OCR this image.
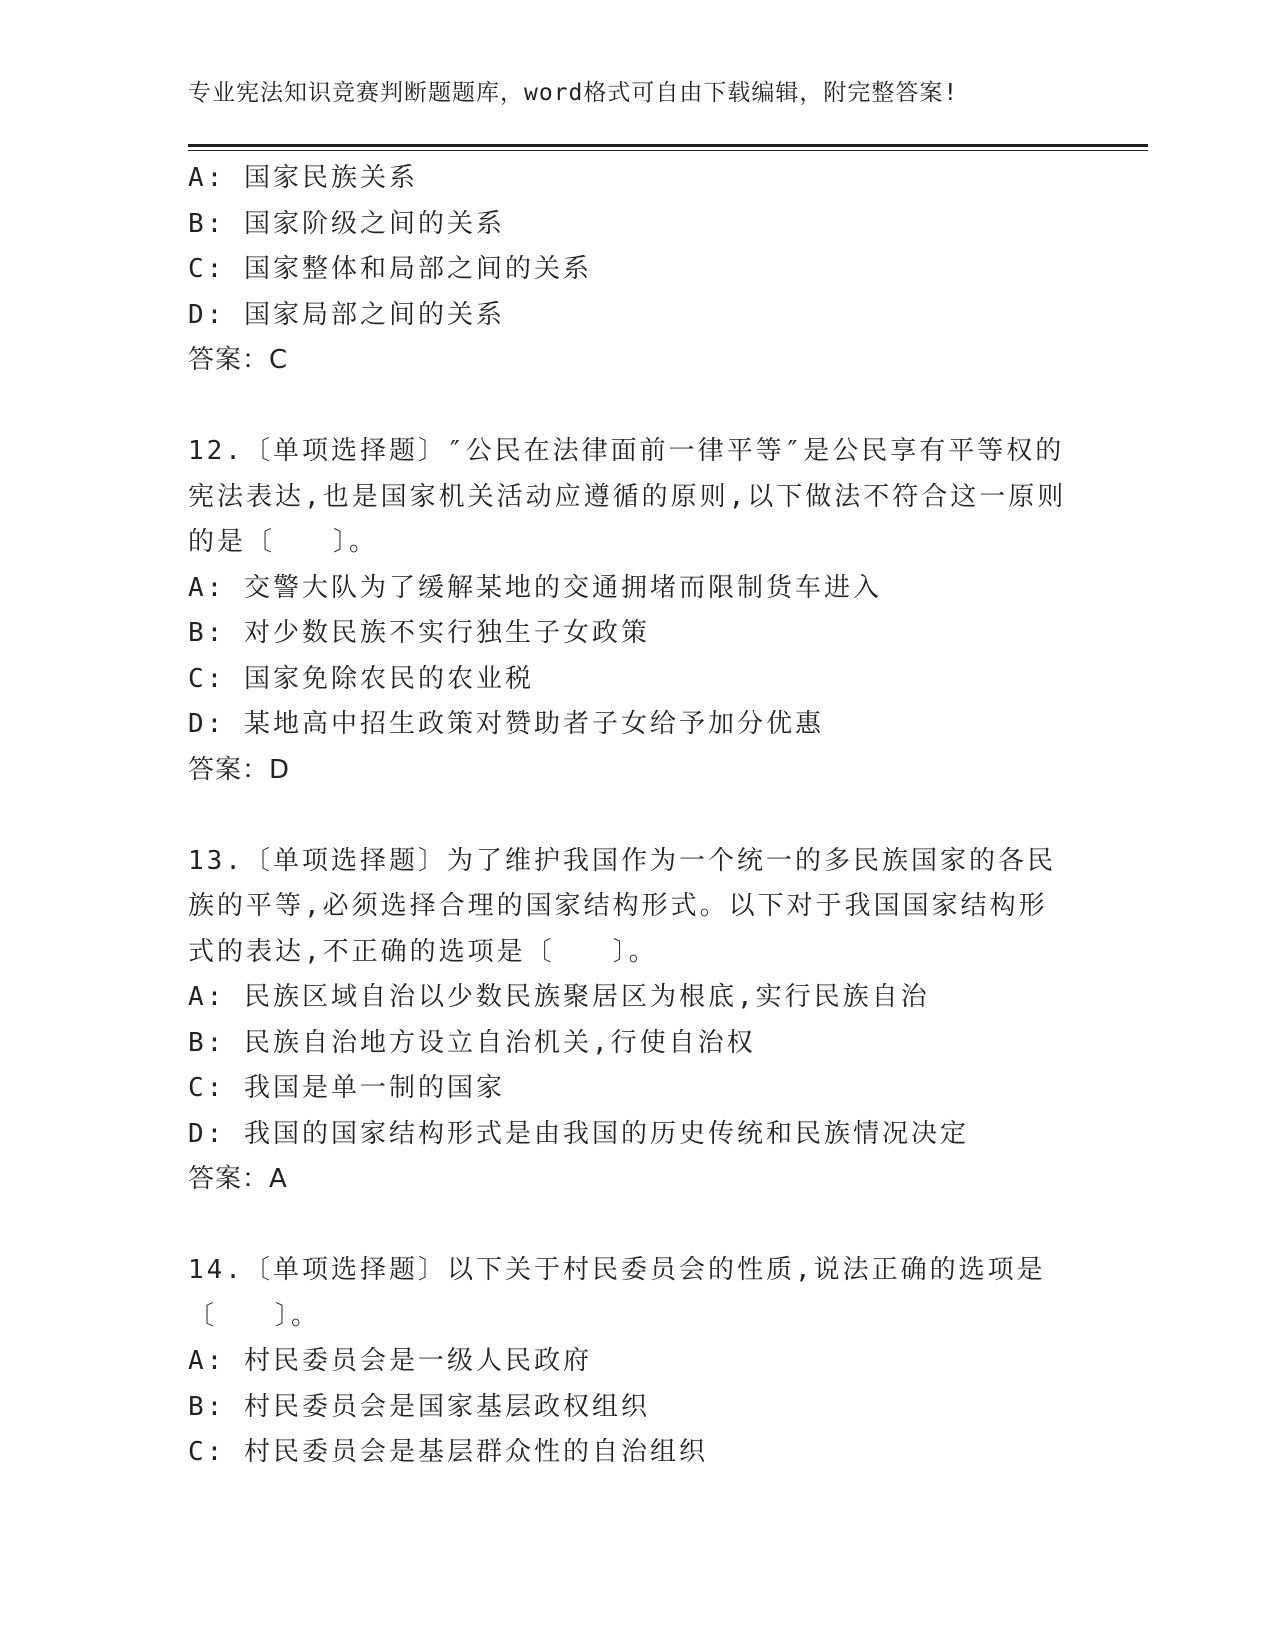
专业宪法知识竞赛判断题题库，word格式可自由下载编辑，附完整答案!
A: 国家民族关系
B: 国家阶级之间的关系
C: 国家整体和局部之间的关系
D: 国家局部之间的关系
答案：C
12.〔单项选择题〕″公民在法律面前一律平等″是公民享有平等权的宪法表达,也是国家机关活动应遵循的原则,以下做法不符合这一原则的是〔　　〕。
A: 交警大队为了缓解某地的交通拥堵而限制货车进入
B: 对少数民族不实行独生子女政策
C: 国家免除农民的农业税
D: 某地高中招生政策对赞助者子女给予加分优惠
答案：D
13.〔单项选择题〕为了维护我国作为一个统一的多民族国家的各民族的平等,必须选择合理的国家结构形式。以下对于我国国家结构形式的表达,不正确的选项是〔　　〕。
A: 民族区域自治以少数民族聚居区为根底,实行民族自治
B: 民族自治地方设立自治机关,行使自治权
C: 我国是单一制的国家
D: 我国的国家结构形式是由我国的历史传统和民族情况决定
答案：A
14.〔单项选择题〕以下关于村民委员会的性质,说法正确的选项是〔　　〕。
A: 村民委员会是一级人民政府
B: 村民委员会是国家基层政权组织
C: 村民委员会是基层群众性的自治组织
